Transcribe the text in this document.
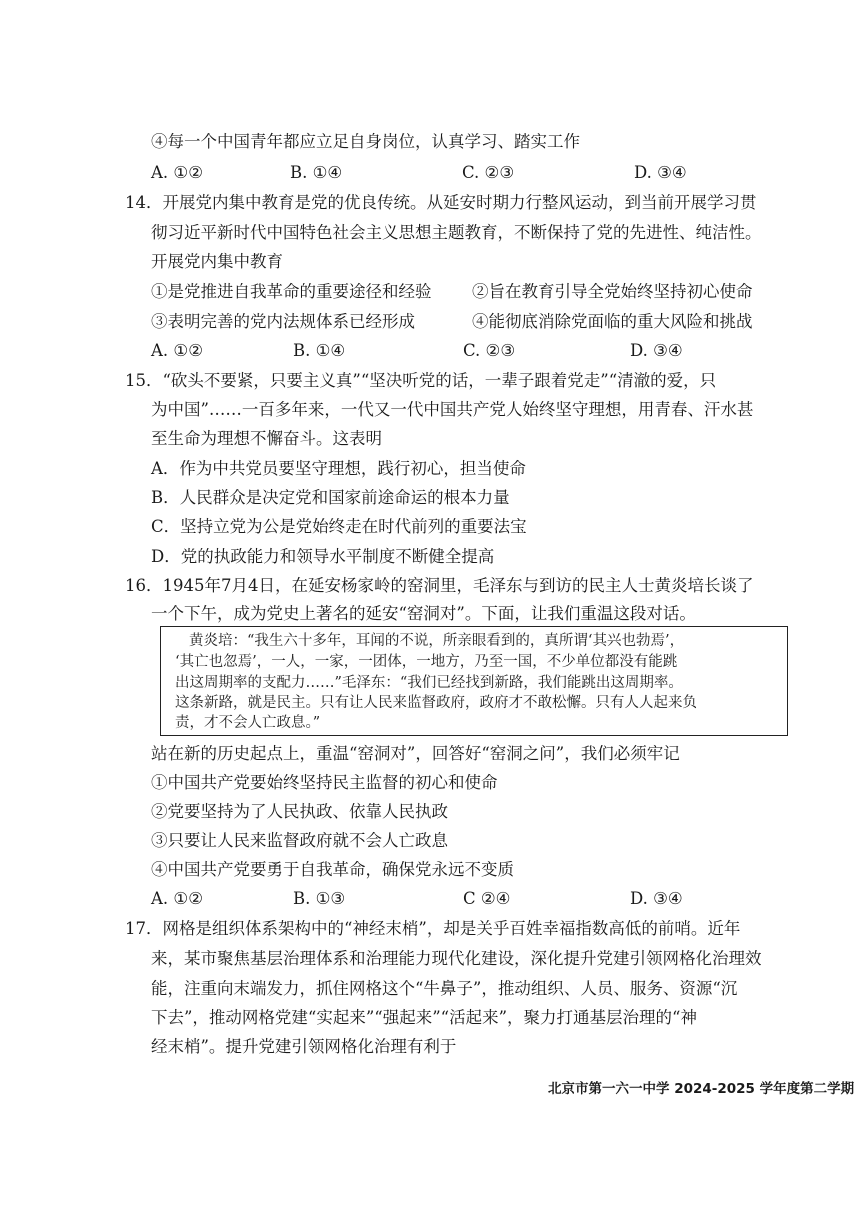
④每一个中国青年都应立足自身岗位，认真学习、踏实工作
A. ①②	B. ①④	C. ②③	D. ③④
14．开展党内集中教育是党的优良传统。从延安时期力行整风运动，到当前开展学习贯
彻习近平新时代中国特色社会主义思想主题教育，不断保持了党的先进性、纯洁性。
开展党内集中教育
①是党推进自我革命的重要途径和经验 ②旨在教育引导全党始终坚持初心使命
③表明完善的党内法规体系已经形成	④能彻底消除党面临的重大风险和挑战
A. ①②	B. ①④	C. ②③	D. ③④
15．“砍头不要紧，只要主义真”“坚决听党的话，一辈子跟着党走”“清澈的爱，只
为中国”……一百多年来，一代又一代中国共产党人始终坚守理想，用青春、汗水甚
至生命为理想不懈奋斗。这表明
A．作为中共党员要坚守理想，践行初心，担当使命
B．人民群众是决定党和国家前途命运的根本力量
C．坚持立党为公是党始终走在时代前列的重要法宝
D．党的执政能力和领导水平制度不断健全提高
16．1945年7月4日，在延安杨家岭的窑洞里，毛泽东与到访的民主人士黄炎培长谈了
一个下午，成为党史上著名的延安“窑洞对”。下面，让我们重温这段对话。
黄炎培：“我生六十多年，耳闻的不说，所亲眼看到的，真所谓‘其兴也勃焉’，
‘其亡也忽焉’，一人，一家，一团体，一地方，乃至一国，不少单位都没有能跳
出这周期率的支配力……”毛泽东：“我们已经找到新路，我们能跳出这周期率。
这条新路，就是民主。只有让人民来监督政府，政府才不敢松懈。只有人人起来负
责，才不会人亡政息。”
站在新的历史起点上，重温“窑洞对”，回答好“窑洞之问”，我们必须牢记
①中国共产党要始终坚持民主监督的初心和使命
②党要坚持为了人民执政、依靠人民执政
③只要让人民来监督政府就不会人亡政息
④中国共产党要勇于自我革命，确保党永远不变质
A. ①②	B. ①③	C ②④	D. ③④
17．网格是组织体系架构中的“神经末梢”，却是关乎百姓幸福指数高低的前哨。近年
来，某市聚焦基层治理体系和治理能力现代化建设，深化提升党建引领网格化治理效
能，注重向末端发力，抓住网格这个“牛鼻子”，推动组织、人员、服务、资源“沉
下去”，推动网格党建“实起来”“强起来”“活起来”，聚力打通基层治理的“神
经末梢”。提升党建引领网格化治理有利于
北京市第一六一中学 2024-2025 学年度第二学期
